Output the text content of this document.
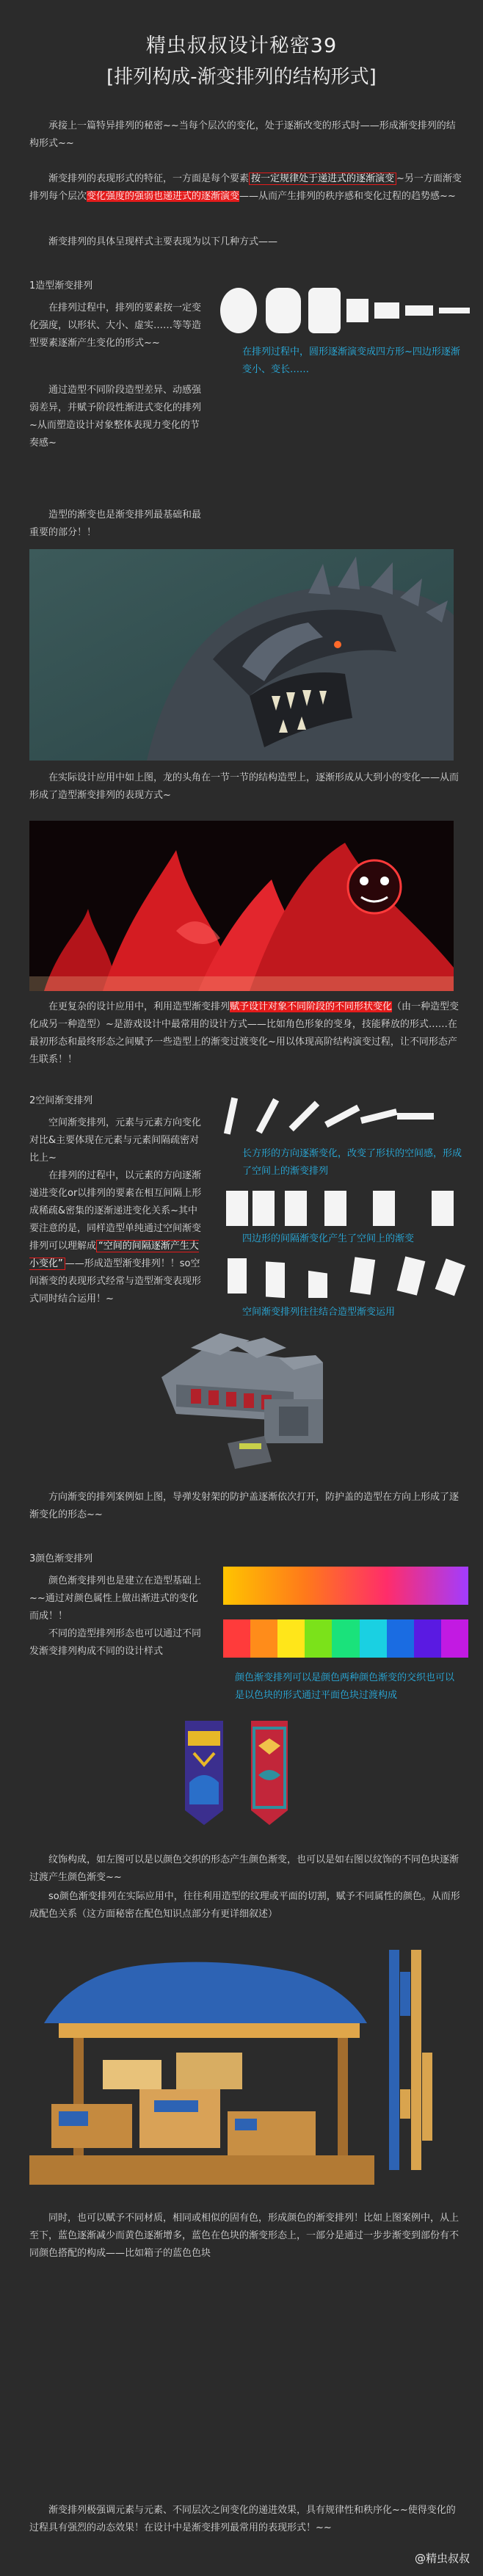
精虫叔叔设计秘密39
[排列构成-渐变排列的结构形式]
承接上一篇特异排列的秘密~~当每个层次的变化，处于逐渐改变的形式时——形成渐变排列的结构形式~~
渐变排列的表现形式的特征，一方面是每个要素 按一定规律处于递进式的逐渐演变 ~另一方面渐变排列每个层次变化强度的强弱也递进式的逐渐演变——从而产生排列的秩序感和变化过程的趋势感~~
渐变排列的具体呈现样式主要表现为以下几种方式——
1造型渐变排列
在排列过程中，排列的要素按一定变化强度，以形状、大小、虚实……等等造型要素逐渐产生变化的形式~~
通过造型不同阶段造型差异、动感强弱差异，并赋予阶段性渐进式变化的排列~从而塑造设计对象整体表现力变化的节奏感~
造型的渐变也是渐变排列最基础和最重要的部分！！
在排列过程中，圆形逐渐演变成四方形~四边形逐渐变小、变长……
在实际设计应用中如上图，龙的头角在一节一节的结构造型上，逐渐形成从大到小的变化——从而形成了造型渐变排列的表现方式~
在更复杂的设计应用中，利用造型渐变排列赋予设计对象不同阶段的不同形状变化（由一种造型变化成另一种造型）~是游戏设计中最常用的设计方式——比如角色形象的变身，技能释放的形式……在最初形态和最终形态之间赋予一些造型上的渐变过渡变化~用以体现高阶结构演变过程，让不同形态产生联系！！
2空间渐变排列
空间渐变排列，元素与元素方向变化对比&主要体现在元素与元素间隔疏密对比上~
在排列的过程中，以元素的方向逐渐递进变化or以排列的要素在相互间隔上形成稀疏&密集的逐渐递进变化关系~其中要注意的是，同样造型单纯通过空间渐变排列可以理解成 “空间的间隔逐渐产生大小变化” ——形成造型渐变排列！！so空间渐变的表现形式经常与造型渐变表现形式同时结合运用！~
长方形的方向逐渐变化，改变了形状的空间感，形成了空间上的渐变排列
四边形的间隔渐变化产生了空间上的渐变
空间渐变排列往往结合造型渐变运用
方向渐变的排列案例如上图，导弹发射架的防护盖逐渐依次打开，防护盖的造型在方向上形成了逐渐变化的形态~~
3颜色渐变排列
颜色渐变排列也是建立在造型基础上~~通过对颜色属性上做出渐进式的变化而成！！
不同的造型排列形态也可以通过不同发渐变排列构成不同的设计样式
颜色渐变排列可以是颜色两种颜色渐变的交织也可以是以色块的形式通过平面色块过渡构成
纹饰构成，如左图可以是以颜色交织的形态产生颜色渐变，也可以是如右图以纹饰的不同色块逐渐过渡产生颜色渐变~~
so颜色渐变排列在实际应用中，往往利用造型的纹理或平面的切割，赋予不同属性的颜色。从而形成配色关系（这方面秘密在配色知识点部分有更详细叙述）
同时，也可以赋予不同材质，相同或相似的固有色，形成颜色的渐变排列！比如上图案例中，从上至下，蓝色逐渐减少而黄色逐渐增多，蓝色在色块的渐变形态上，一部分是通过一步步渐变到部份有不同颜色搭配的构成——比如箱子的蓝色色块
渐变排列极强调元素与元素、不同层次之间变化的递进效果，具有规律性和秩序化~~使得变化的过程具有强烈的动态效果！在设计中是渐变排列最常用的表现形式！~~
@精虫叔叔
